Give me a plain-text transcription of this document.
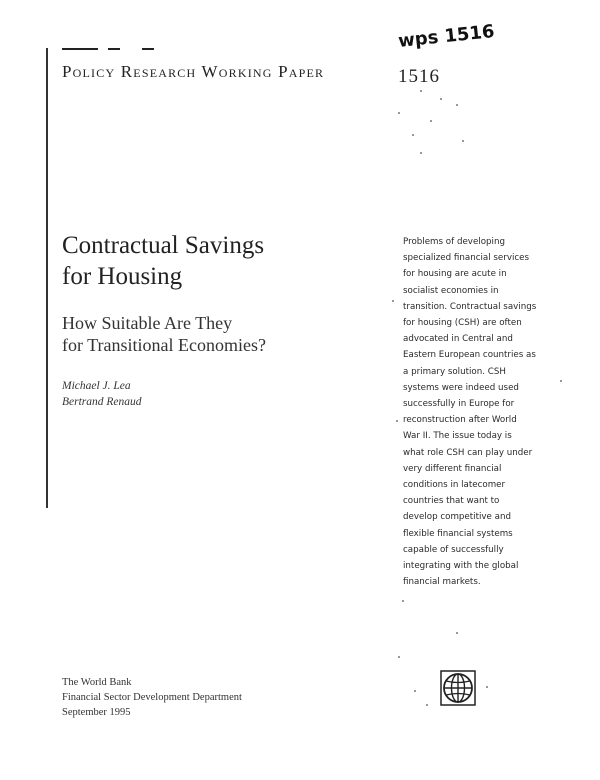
wps 1516
Policy Research Working Paper	1516
Contractual Savings
for Housing
How Suitable Are They
for Transitional Economies?
Michael J. Lea
Bertrand Renaud
Problems of developing
specialized financial services
for housing are acute in
socialist economies in
transition. Contractual savings
for housing (CSH) are often
advocated in Central and
Eastern European countries as
a primary solution. CSH
systems were indeed used
successfully in Europe for
reconstruction after World
War II. The issue today is
what role CSH can play under
very different financial
conditions in latecomer
countries that want to
develop competitive and
flexible financial systems
capable of successfully
integrating with the global
financial markets.
The World Bank
Financial Sector Development Department
September 1995
